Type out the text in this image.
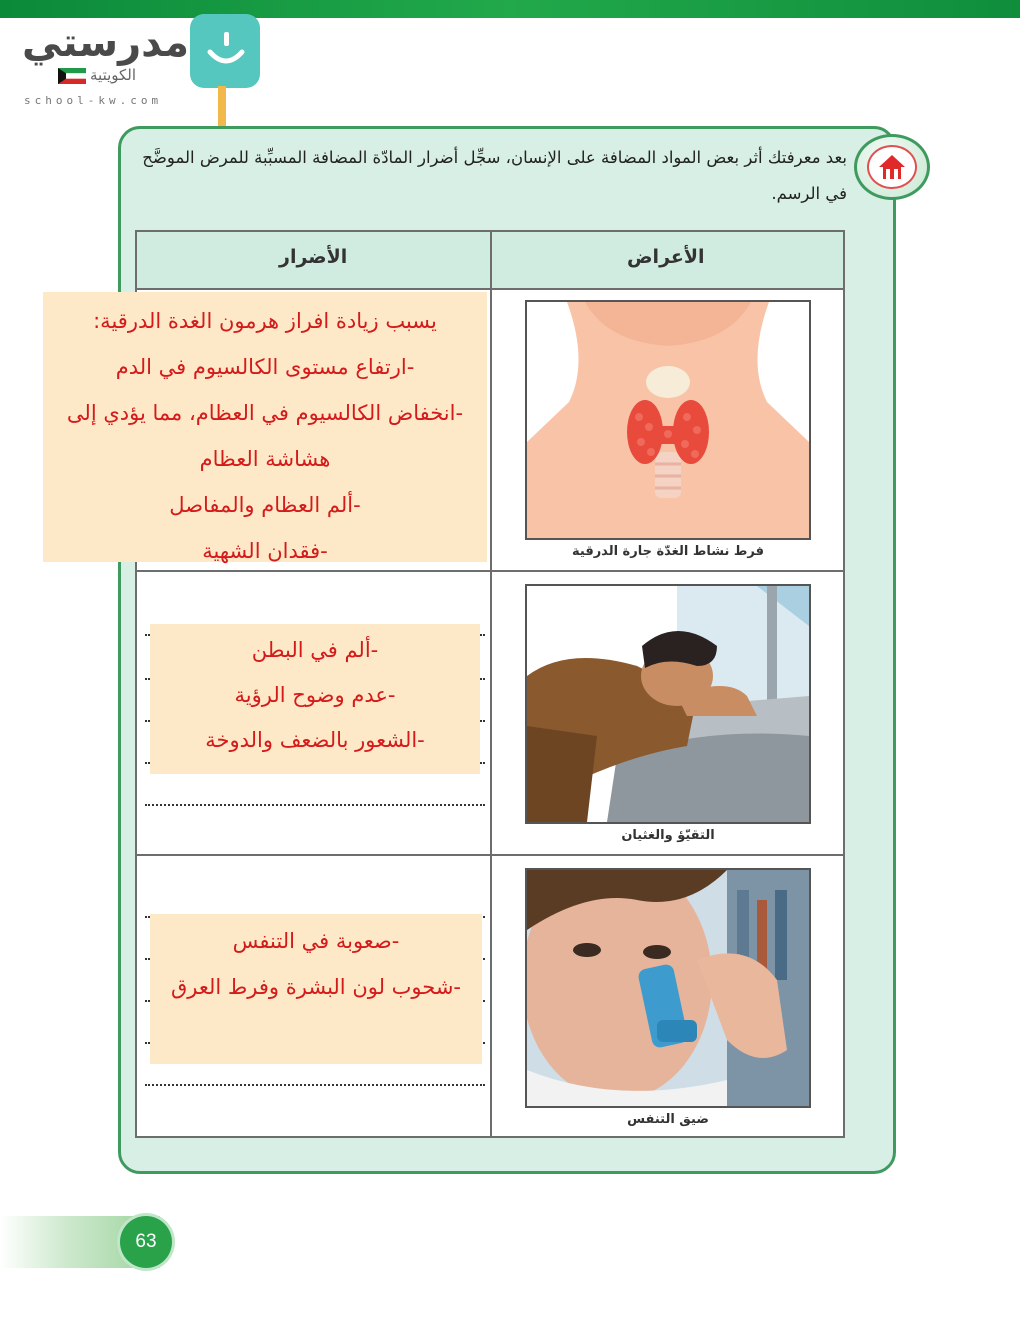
مدرستي
الكويتية
school-kw.com
بعد معرفتك أثر بعض المواد المضافة على الإنسان، سجِّل أضرار المادّة المضافة المسبِّبة للمرض الموضَّح في الرسم.
الأعراض
الأضرار
فرط نشاط الغدّة جارة الدرقية
التقيّؤ والغثيان
ضيق التنفس
يسبب زيادة افراز هرمون الغدة الدرقية:
-ارتفاع مستوى الكالسيوم في الدم
-انخفاض الكالسيوم في العظام، مما يؤدي إلى
هشاشة العظام
-ألم العظام والمفاصل
-فقدان الشهية
-ألم في البطن
-عدم وضوح الرؤية
-الشعور بالضعف والدوخة
-صعوبة في التنفس
-شحوب لون البشرة وفرط العرق
63
